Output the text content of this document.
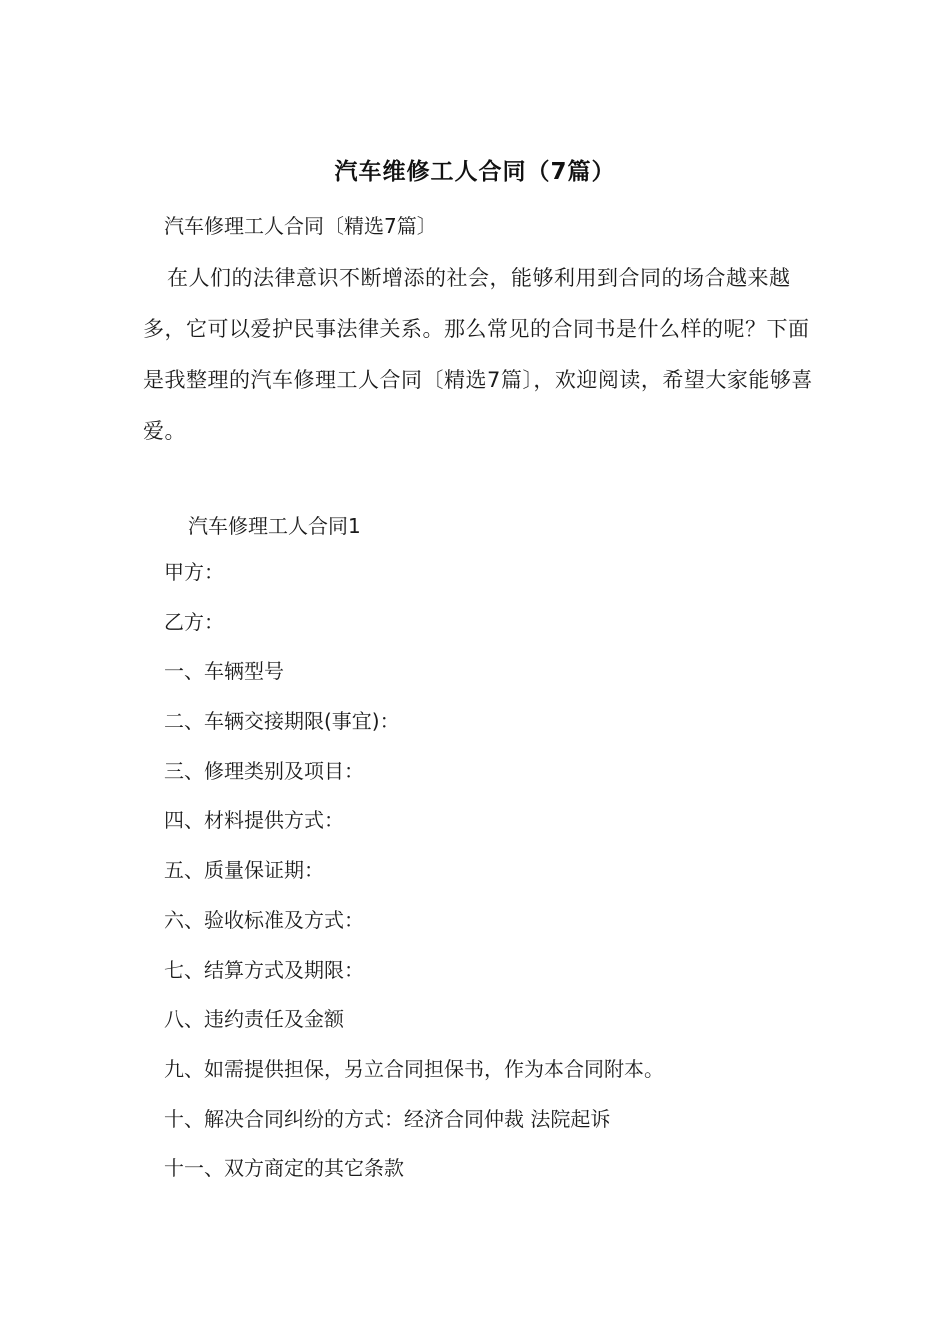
汽车维修工人合同（7篇）
汽车修理工人合同〔精选7篇〕
在人们的法律意识不断增添的社会，能够利用到合同的场合越来越多，它可以爱护民事法律关系。那么常见的合同书是什么样的呢？下面是我整理的汽车修理工人合同〔精选7篇〕，欢迎阅读，希望大家能够喜爱。
汽车修理工人合同1
甲方：
乙方：
一、车辆型号
二、车辆交接期限(事宜)：
三、修理类别及项目：
四、材料提供方式：
五、质量保证期：
六、验收标准及方式：
七、结算方式及期限：
八、违约责任及金额
九、如需提供担保，另立合同担保书，作为本合同附本。
十、解决合同纠纷的方式：经济合同仲裁 法院起诉
十一、双方商定的其它条款
